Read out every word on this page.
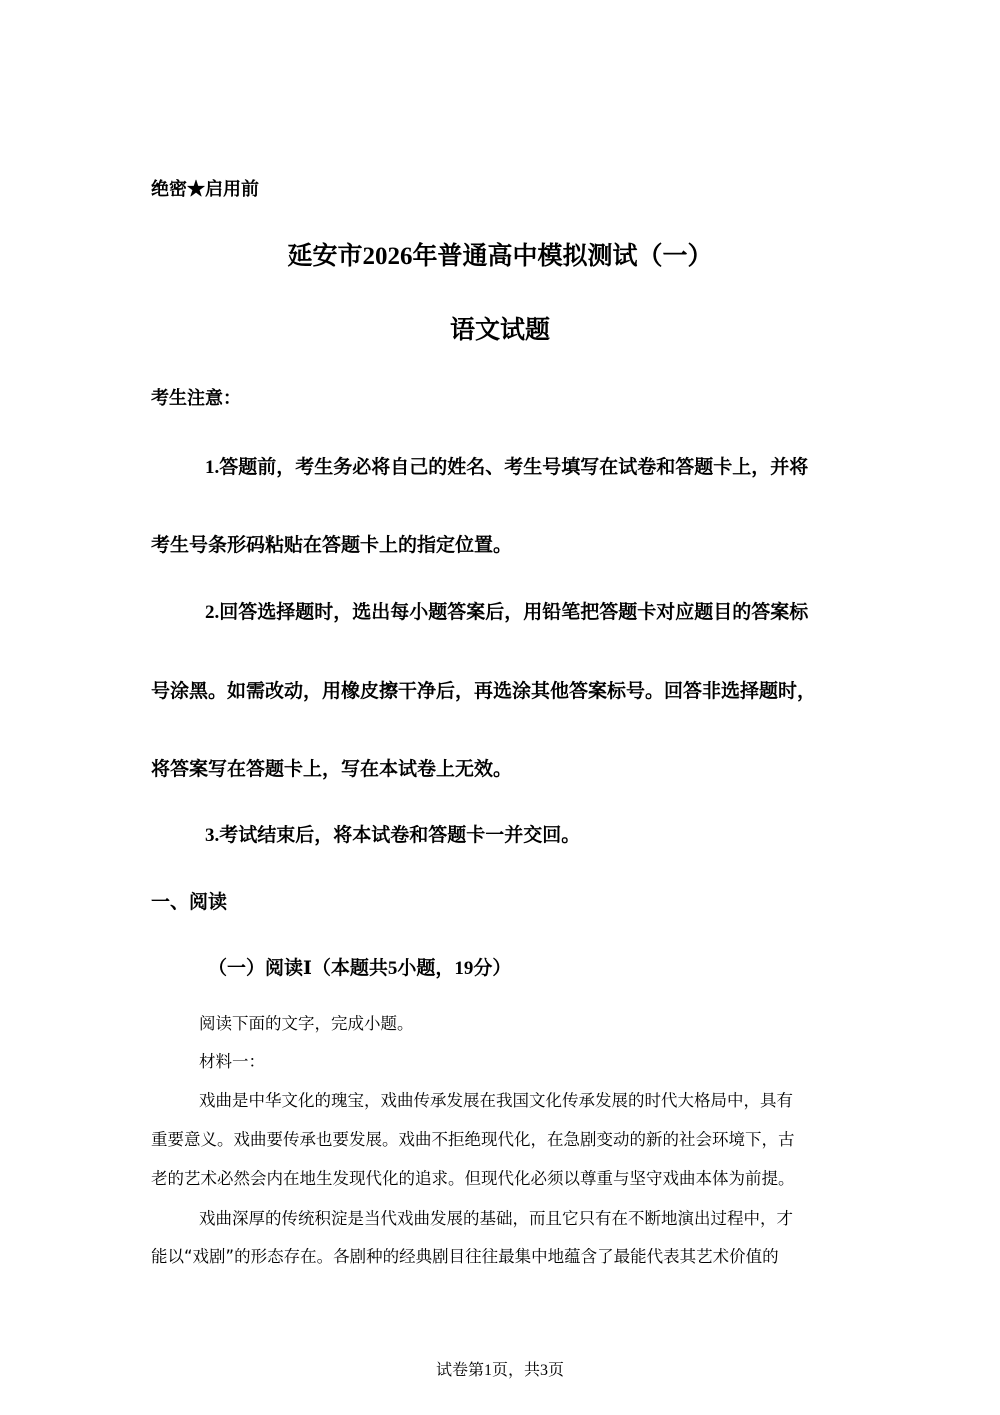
绝密★启用前
延安市2026年普通高中模拟测试（一）
语文试题
考生注意：
1.答题前，考生务必将自己的姓名、考生号填写在试卷和答题卡上，并将
考生号条形码粘贴在答题卡上的指定位置。
2.回答选择题时，选出每小题答案后，用铅笔把答题卡对应题目的答案标
号涂黑。如需改动，用橡皮擦干净后，再选涂其他答案标号。回答非选择题时，
将答案写在答题卡上，写在本试卷上无效。
3.考试结束后，将本试卷和答题卡一并交回。
一、阅读
（一）阅读Ⅰ（本题共5小题，19分）
阅读下面的文字，完成小题。
材料一：
戏曲是中华文化的瑰宝，戏曲传承发展在我国文化传承发展的时代大格局中，具有
重要意义。戏曲要传承也要发展。戏曲不拒绝现代化，在急剧变动的新的社会环境下，古
老的艺术必然会内在地生发现代化的追求。但现代化必须以尊重与坚守戏曲本体为前提。
戏曲深厚的传统积淀是当代戏曲发展的基础，而且它只有在不断地演出过程中，才
能以“戏剧”的形态存在。各剧种的经典剧目往往最集中地蕴含了最能代表其艺术价值的
试卷第1页，共3页
